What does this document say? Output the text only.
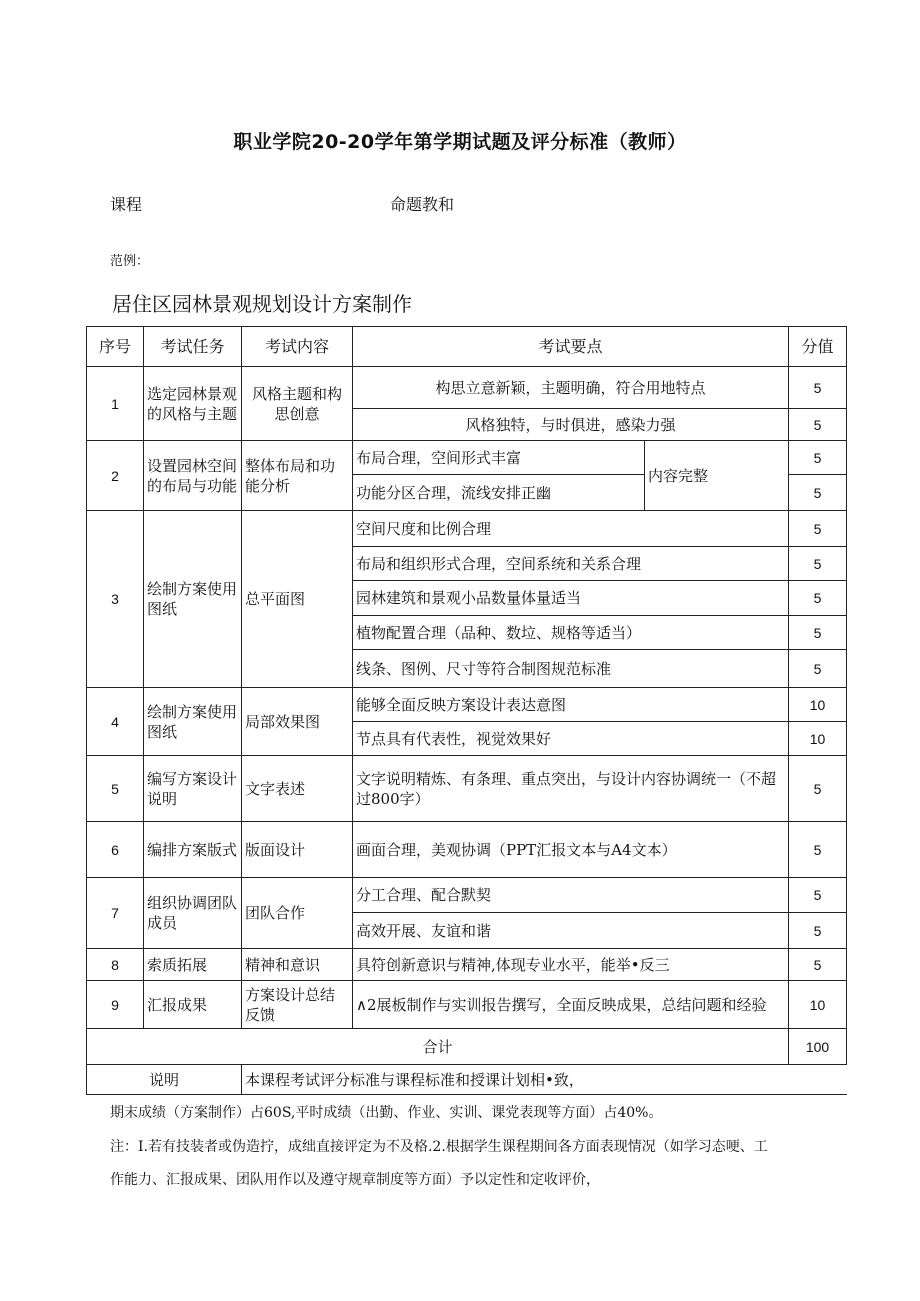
职业学院20-20学年第学期试题及评分标准（教师）
课程	命题教和
范例：
居住区园林景观规划设计方案制作
序号	考试任务	考试内容	考试要点		分值
1	选定园林景观的风格与主题	风格主题和构思创意	构思立意新颖，主题明确，符合用地特点		5
			风格独特，与时俱进，感染力强		5
2	设置园林空间的布局与功能	整体布局和功能分析	布局合理，空间形式丰富	内容完整	5
			功能分区合理，流线安排正幽		5
3	绘制方案使用图纸	总平面图	空间尺度和比例合理		5
			布局和组织形式合理，空间系统和关系合理		5
			园林建筑和景观小品数量体量适当		5
			植物配置合理（品种、数垃、规格等适当）		5
			线条、图例、尺寸等符合制图规范标准		5
4	绘制方案使用图纸	局部效果图	能够全面反映方案设计表达意图		10
			节点具有代表性，视觉效果好		10
5	编写方案设计说明	文字表述	文字说明精炼、有条理、重点突出，与设计内容协调统一（不超过800字）		5
6	编排方案版式	版面设计	画面合理，美观协调（PPT汇报文本与A4文本）		5
7	组织协调团队成员	团队合作	分工合理、配合默契		5
			高效开展、友谊和谐		5
8	索质拓展	精神和意识	具符创新意识与精神,体现专业水平，能举•反三		5
9	汇报成果	方案设计总结反馈	∧2展板制作与实训报告撰写，全面反映成果，总结问题和经验		10
合计					100
说明		本课程考试评分标准与课程标准和授课计划相•致，			
期末成绩（方案制作）占60S,平时成绩（出勤、作业、实训、课党表现等方面）占40%。
注：I.若有技装者或伪造拧，成绌直接评定为不及格.2.根据学生课程期间各方面表现情况（如学习态哽、工
作能力、汇报成果、团队用作以及遵守规章制度等方面）予以定性和定收评价，
